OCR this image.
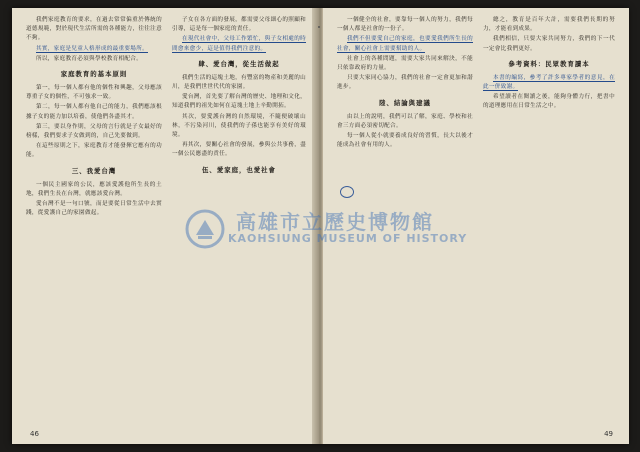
我們家庭教育的要求，在過去常常偏重於傳統的道德規範，對於現代生活所需的各種能力，往往注意不夠。

其實，家庭是兒童人格形成的最重要場所。

所以，家庭教育必須與學校教育相配合。

家庭教育的基本原則

第一，每一個人都有他的個性和興趣，父母應該尊重子女的個性，不可強求一致。

第二，每一個人都有他自己的能力，我們應該根據子女的能力加以培養，使他們各盡其才。

第三，要以身作則，父母的言行就是子女最好的榜樣，我們要求子女做到的，自己先要做到。

在這些原則之下，家庭教育才能發揮它應有的功能。

三、我愛台灣

一個民主國家的公民，應該愛護他所生長的土地，我們生長在台灣，就應該愛台灣。

愛台灣不是一句口號，而是要從日常生活中去實踐，從愛護自己的家園做起。

子女在各方面的發展，都需要父母細心的照顧和引導，這是每一個家庭的責任。

在現代社會中，父母工作繁忙，與子女相處的時間愈來愈少，這是值得我們注意的。

肆、愛台灣，從生活做起

我們生活的這塊土地，有豐富的物產和美麗的山川，是我們世世代代的家園。

愛台灣，首先要了解台灣的歷史、地理和文化，知道我們的祖先如何在這塊土地上辛勤開拓。

其次，要愛護台灣的自然環境，不隨便破壞山林，不污染河川，使我們的子孫也能享有美好的環境。

再其次，要關心社會的發展，參與公共事務，盡一個公民應盡的責任。

伍、愛家庭，也愛社會
46

一個健全的社會，要靠每一個人的努力，我們每一個人都是社會的一份子。

我們不但要愛自己的家庭，也要愛我們所生長的社會，關心社會上需要幫助的人。

社會上的各種問題，需要大家共同來解決，不能只依靠政府的力量。

只要大家同心協力，我們的社會一定會更加和諧進步。

陸、結論與建議

由以上的說明，我們可以了解，家庭、學校和社會三方面必須密切配合。

每一個人從小就要養成良好的習慣，長大以後才能成為社會有用的人。

總之，教育是百年大計，需要我們長期的努力，才能看到成果。

我們相信，只要大家共同努力，我們的下一代一定會比我們更好。

參考資料：民眾教育讀本

本書的編寫，參考了許多專家學者的意見，在此一併致謝。

希望讀者在閱讀之後，能夠身體力行，把書中的道理應用在日常生活之中。

49
高雄市立歷史博物館
KAOHSIUNG MUSEUM OF HISTORY
